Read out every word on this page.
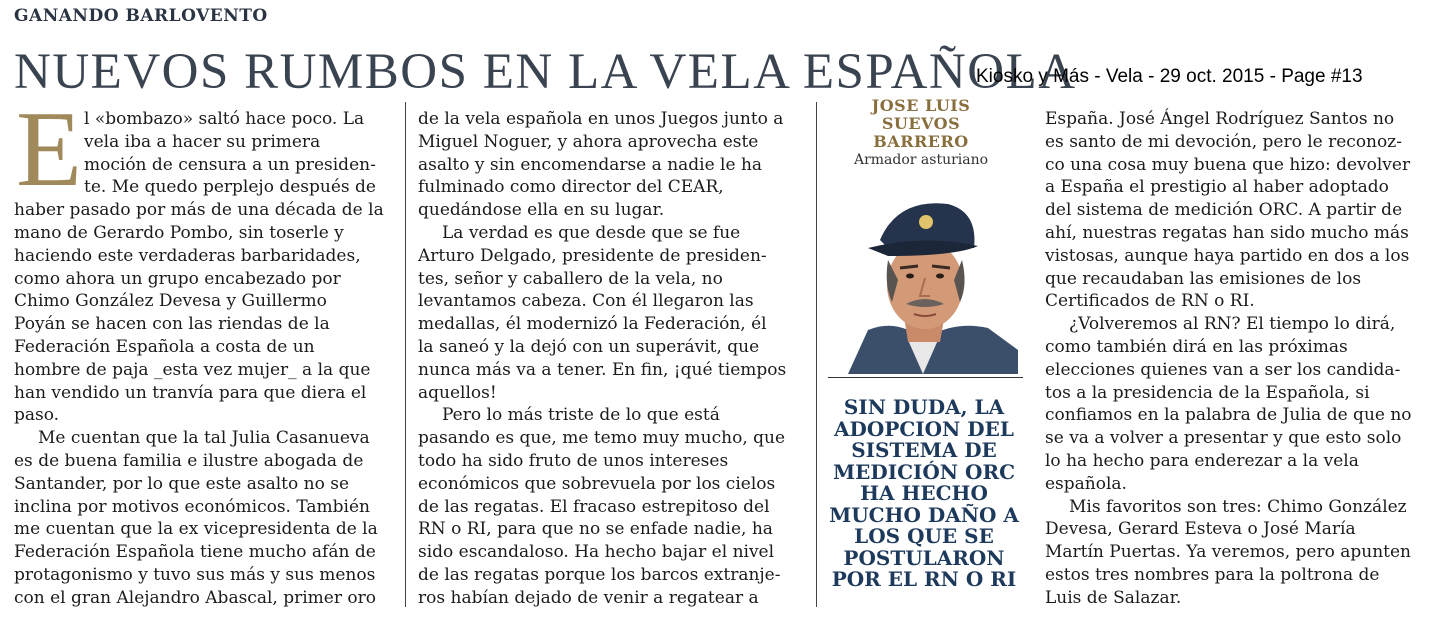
GANANDO BARLOVENTO
NUEVOS RUMBOS EN LA VELA ESPAÑOLA
Kiosko y Más - Vela - 29 oct. 2015 - Page #13
E l «bombazo» saltó hace poco. La
vela iba a hacer su primera
moción de censura a un presiden-
te. Me quedo perplejo después de
haber pasado por más de una década de la
mano de Gerardo Pombo, sin toserle y
haciendo este verdaderas barbaridades,
como ahora un grupo encabezado por
Chimo González Devesa y Guillermo
Poyán se hacen con las riendas de la
Federación Española a costa de un
hombre de paja _esta vez mujer_ a la que
han vendido un tranvía para que diera el
paso.

Me cuentan que la tal Julia Casanueva
es de buena familia e ilustre abogada de
Santander, por lo que este asalto no se
inclina por motivos económicos. También
me cuentan que la ex vicepresidenta de la
Federación Española tiene mucho afán de
protagonismo y tuvo sus más y sus menos
con el gran Alejandro Abascal, primer oro

de la vela española en unos Juegos junto a
Miguel Noguer, y ahora aprovecha este
asalto y sin encomendarse a nadie le ha
fulminado como director del CEAR,
quedándose ella en su lugar.

La verdad es que desde que se fue
Arturo Delgado, presidente de presiden-
tes, señor y caballero de la vela, no
levantamos cabeza. Con él llegaron las
medallas, él modernizó la Federación, él
la saneó y la dejó con un superávit, que
nunca más va a tener. En fin, ¡qué tiempos
aquellos!

Pero lo más triste de lo que está
pasando es que, me temo muy mucho, que
todo ha sido fruto de unos intereses
económicos que sobrevuela por los cielos
de las regatas. El fracaso estrepitoso del
RN o RI, para que no se enfade nadie, ha
sido escandaloso. Ha hecho bajar el nivel
de las regatas porque los barcos extranje-
ros habían dejado de venir a regatear a

JOSE LUIS
SUEVOS
BARRERO
Armador asturiano
SIN DUDA, LA
ADOPCION DEL
SISTEMA DE
MEDICIÓN ORC
HA HECHO
MUCHO DAÑO A
LOS QUE SE
POSTULARON
POR EL RN O RI

España. José Ángel Rodríguez Santos no
es santo de mi devoción, pero le reconoz-
co una cosa muy buena que hizo: devolver
a España el prestigio al haber adoptado
del sistema de medición ORC. A partir de
ahí, nuestras regatas han sido mucho más
vistosas, aunque haya partido en dos a los
que recaudaban las emisiones de los
Certificados de RN o RI.

¿Volveremos al RN? El tiempo lo dirá,
como también dirá en las próximas
elecciones quienes van a ser los candida-
tos a la presidencia de la Española, si
confiamos en la palabra de Julia de que no
se va a volver a presentar y que esto solo
lo ha hecho para enderezar a la vela
española.

Mis favoritos son tres: Chimo González
Devesa, Gerard Esteva o José María
Martín Puertas. Ya veremos, pero apunten
estos tres nombres para la poltrona de
Luis de Salazar.
